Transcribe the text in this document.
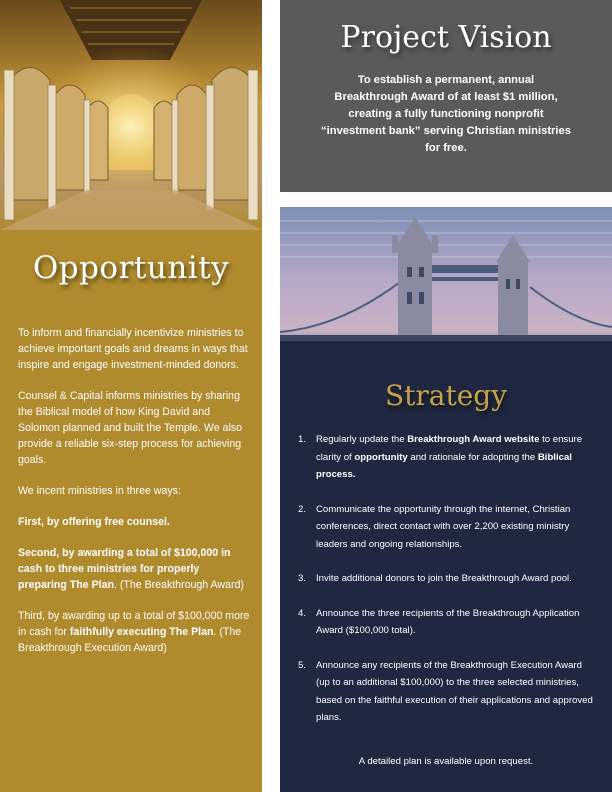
Opportunity

To inform and financially incentivize ministries to achieve important goals and dreams in ways that inspire and engage investment-minded donors.

Counsel & Capital informs ministries by sharing the Biblical model of how King David and Solomon planned and built the Temple. We also provide a reliable six-step process for achieving goals.

We incent ministries in three ways:

First, by offering free counsel.

Second, by awarding a total of $100,000 in cash to three ministries for properly preparing The Plan. (The Breakthrough Award)

Third, by awarding up to a total of $100,000 more in cash for faithfully executing The Plan. (The Breakthrough Execution Award)

Project Vision
To establish a permanent, annual Breakthrough Award of at least $1 million, creating a fully functioning nonprofit “investment bank” serving Christian ministries for free.
Strategy
1. Regularly update the Breakthrough Award website to ensure clarity of opportunity and rationale for adopting the Biblical process.
2. Communicate the opportunity through the internet, Christian conferences, direct contact with over 2,200 existing ministry leaders and ongoing relationships.
3. Invite additional donors to join the Breakthrough Award pool.
4. Announce the three recipients of the Breakthrough Application Award ($100,000 total).
5. Announce any recipients of the Breakthrough Execution Award (up to an additional $100,000) to the three selected ministries, based on the faithful execution of their applications and approved plans.
A detailed plan is available upon request.
